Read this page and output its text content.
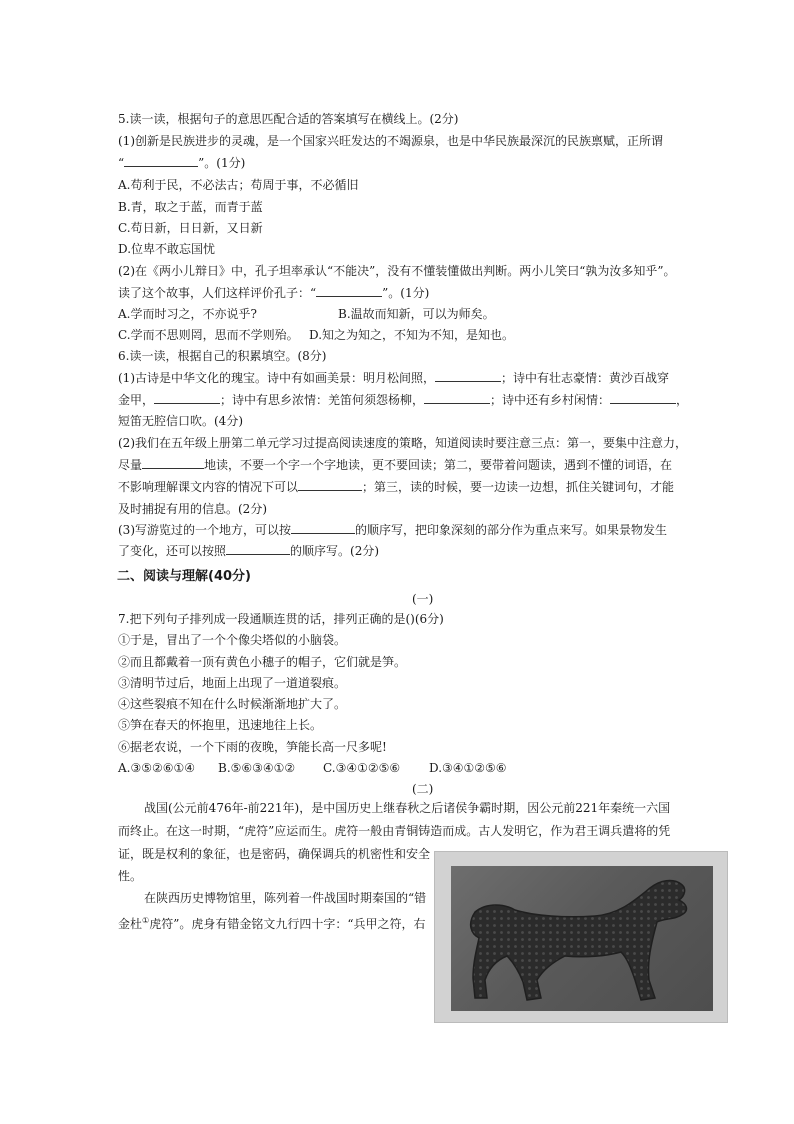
5.读一读，根据句子的意思匹配合适的答案填写在横线上。(2分)
(1)创新是民族进步的灵魂，是一个国家兴旺发达的不竭源泉，也是中华民族最深沉的民族禀赋，正所谓
“	”。(1分)
A.苟利于民，不必法古；苟周于事，不必循旧
B.青，取之于蓝，而青于蓝
C.苟日新，日日新，又日新
D.位卑不敢忘国忧
(2)在《两小儿辩日》中，孔子坦率承认“不能决”，没有不懂装懂做出判断。两小儿笑曰“孰为汝多知乎”。
读了这个故事，人们这样评价孔子：“	”。(1分)
A.学而时习之，不亦说乎?	B.温故而知新，可以为师矣。
C.学而不思则罔，思而不学则殆。 D.知之为知之，不知为不知，是知也。
6.读一读，根据自己的积累填空。(8分)
(1)古诗是中华文化的瑰宝。诗中有如画美景：明月松间照，	；诗中有壮志豪情：黄沙百战穿
金甲，	；诗中有思乡浓情：羌笛何须怨杨柳，	；诗中还有乡村闲情：	，
短笛无腔信口吹。(4分)
(2)我们在五年级上册第二单元学习过提高阅读速度的策略，知道阅读时要注意三点：第一，要集中注意力，
尽量	地读，不要一个字一个字地读，更不要回读；第二，要带着问题读，遇到不懂的词语，在
不影响理解课文内容的情况下可以	；第三，读的时候，要一边读一边想，抓住关键词句，才能
及时捕捉有用的信息。(2分)
(3)写游览过的一个地方，可以按	的顺序写，把印象深刻的部分作为重点来写。如果景物发生
了变化，还可以按照	的顺序写。(2分)
二、阅读与理解(40分)
(一)
7.把下列句子排列成一段通顺连贯的话，排列正确的是()(6分)
①于是，冒出了一个个像尖塔似的小脑袋。
②而且都戴着一顶有黄色小穗子的帽子，它们就是笋。
③清明节过后，地面上出现了一道道裂痕。
④这些裂痕不知在什么时候渐渐地扩大了。
⑤笋在春天的怀抱里，迅速地往上长。
⑥据老农说，一个下雨的夜晚，笋能长高一尺多呢!
A.③⑤②⑥①④ B.⑤⑥③④①② C.③④①②⑤⑥ D.③④①②⑤⑥
(二)
战国(公元前476年-前221年)，是中国历史上继春秋之后诸侯争霸时期，因公元前221年秦统一六国
而终止。在这一时期，“虎符”应运而生。虎符一般由青铜铸造而成。古人发明它，作为君王调兵遣将的凭
证，既是权利的象征，也是密码，确保调兵的机密性和安全
性。
在陕西历史博物馆里，陈列着一件战国时期秦国的“错
金杜①虎符”。虎身有错金铭文九行四十字：“兵甲之符，右
